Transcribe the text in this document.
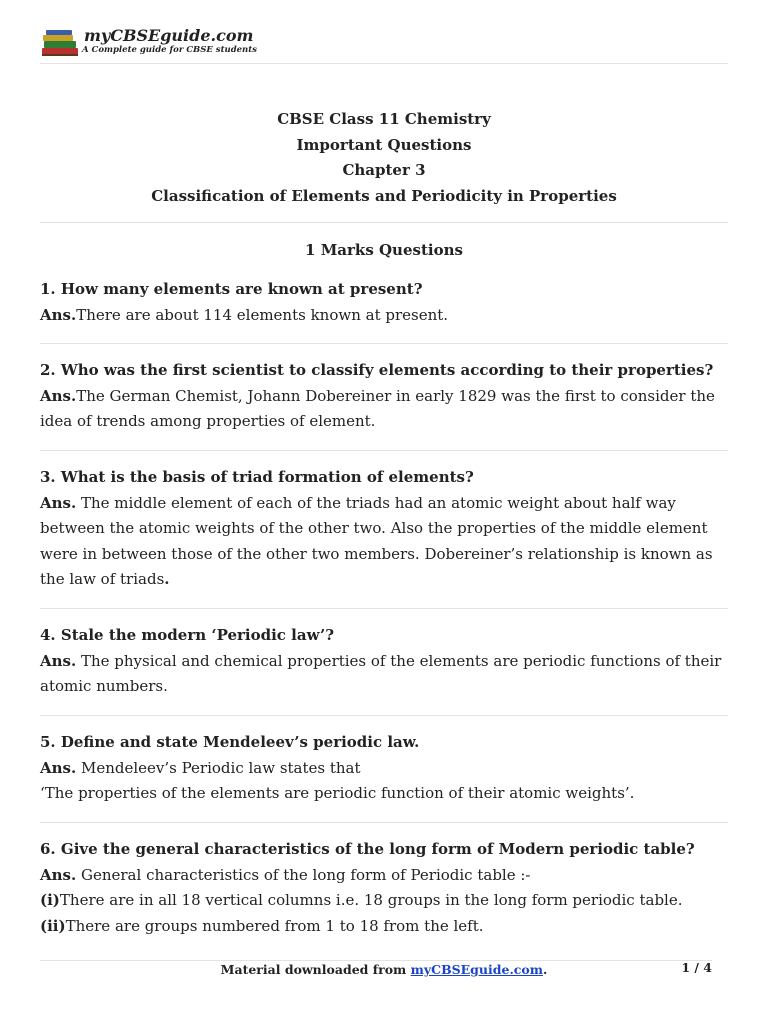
myCBSEguide.com
A Complete guide for CBSE students
CBSE Class 11 Chemistry
Important Questions
Chapter 3
Classification of Elements and Periodicity in Properties
1 Marks Questions
1. How many elements are known at present?
Ans.There are about 114 elements known at present.
2. Who was the first scientist to classify elements according to their properties?
Ans.The German Chemist, Johann Dobereiner in early 1829 was the first to consider the idea of trends among properties of element.
3. What is the basis of triad formation of elements?
Ans. The middle element of each of the triads had an atomic weight about half way between the atomic weights of the other two. Also the properties of the middle element were in between those of the other two members. Dobereiner’s relationship is known as the law of triads.
4. Stale the modern ‘Periodic law’?
Ans. The physical and chemical properties of the elements are periodic functions of their atomic numbers.
5. Define and state Mendeleev’s periodic law.
Ans. Mendeleev’s Periodic law states that
‘The properties of the elements are periodic function of their atomic weights’.
6. Give the general characteristics of the long form of Modern periodic table?
Ans. General characteristics of the long form of Periodic table :-
(i)There are in all 18 vertical columns i.e. 18 groups in the long form periodic table.
(ii)There are groups numbered from 1 to 18 from the left.
Material downloaded from myCBSEguide.com.	1 / 4
